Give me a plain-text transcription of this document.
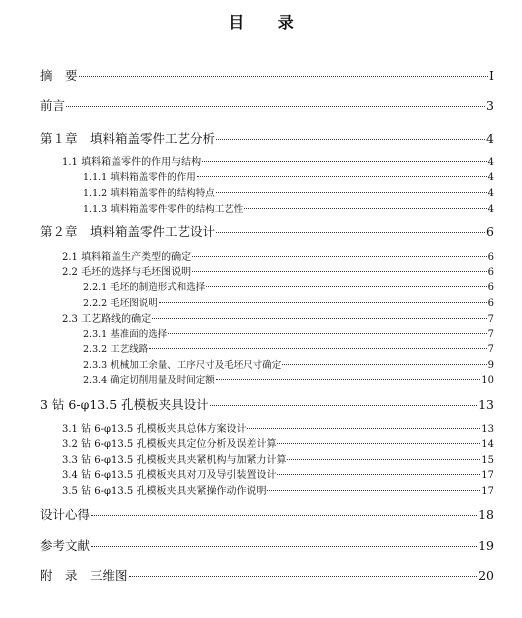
目 录
摘　要	I
前言	3
第１章　填料箱盖零件工艺分析	4
1.1 填料箱盖零件的作用与结构	4
1.1.1 填料箱盖零件的作用	4
1.1.2 填料箱盖零件的结构特点	4
1.1.3 填料箱盖零件零件的结构工艺性	4
第２章　填料箱盖零件工艺设计	6
2.1 填料箱盖生产类型的确定	6
2.2 毛坯的选择与毛坯图说明	6
2.2.1 毛坯的制造形式和选择	6
2.2.2 毛坯图说明	6
2.3 工艺路线的确定	7
2.3.1 基准面的选择	7
2.3.2 工艺线路	7
2.3.3 机械加工余量、工序尺寸及毛坯尺寸确定	9
2.3.4 确定切削用量及时间定额	10
3 钻 6-φ13.5 孔模板夹具设计	13
3.1 钻 6-φ13.5 孔模板夹具总体方案设计	13
3.2 钻 6-φ13.5 孔模板夹具定位分析及误差计算	14
3.3 钻 6-φ13.5 孔模板夹具夹紧机构与加紧力计算	15
3.4 钻 6-φ13.5 孔模板夹具对刀及导引装置设计	17
3.5 钻 6-φ13.5 孔模板夹具夹紧操作动作说明	17
设计心得	18
参考文献	19
附　录　三维图	20
